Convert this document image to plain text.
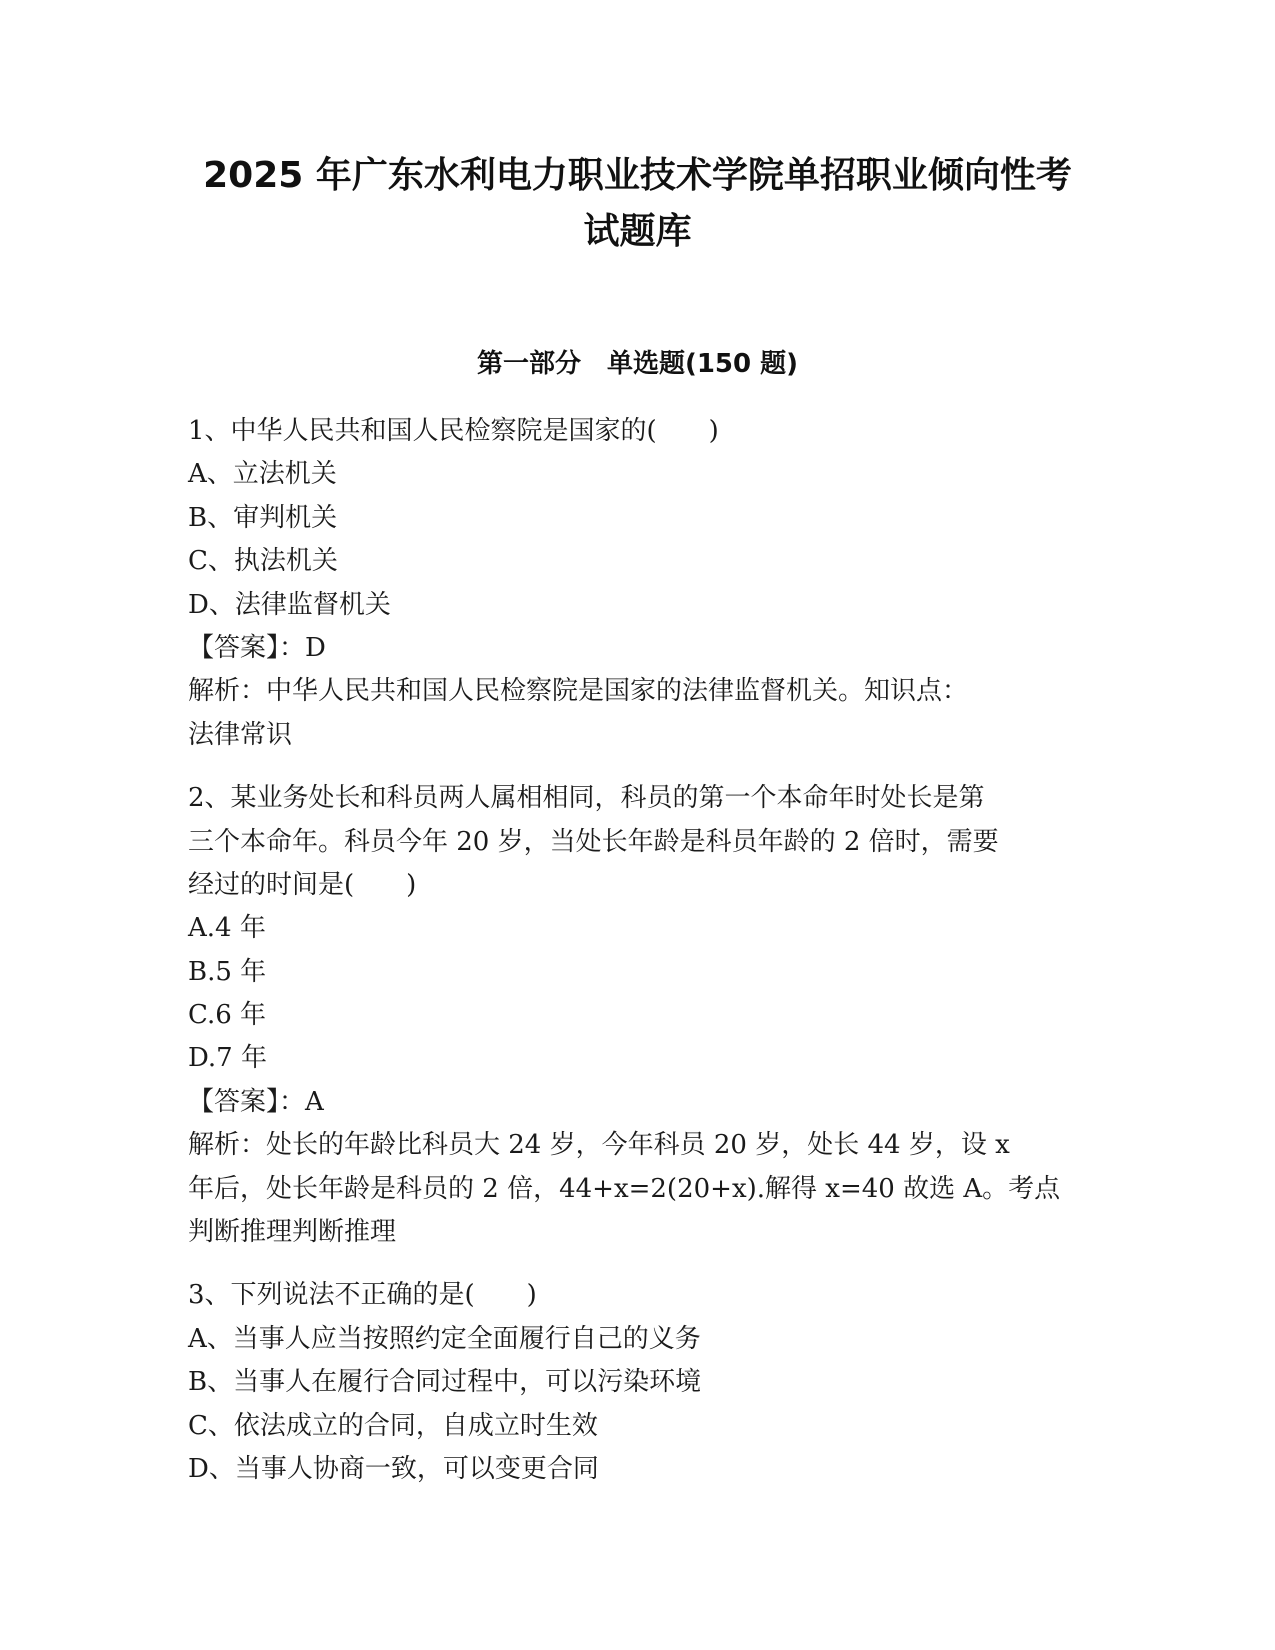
2025 年广东水利电力职业技术学院单招职业倾向性考
试题库
第一部分　单选题(150 题)
1、中华人民共和国人民检察院是国家的(　　)
A、立法机关
B、审判机关
C、执法机关
D、法律监督机关
【答案】：D
解析：中华人民共和国人民检察院是国家的法律监督机关。知识点：
法律常识
2、某业务处长和科员两人属相相同，科员的第一个本命年时处长是第
三个本命年。科员今年 20 岁，当处长年龄是科员年龄的 2 倍时，需要
经过的时间是(　　)
A.4 年
B.5 年
C.6 年
D.7 年
【答案】：A
解析：处长的年龄比科员大 24 岁，今年科员 20 岁，处长 44 岁，设 x
年后，处长年龄是科员的 2 倍，44+x=2(20+x).解得 x=40 故选 A。考点
判断推理判断推理
3、下列说法不正确的是(　　)
A、当事人应当按照约定全面履行自己的义务
B、当事人在履行合同过程中，可以污染环境
C、依法成立的合同，自成立时生效
D、当事人协商一致，可以变更合同
